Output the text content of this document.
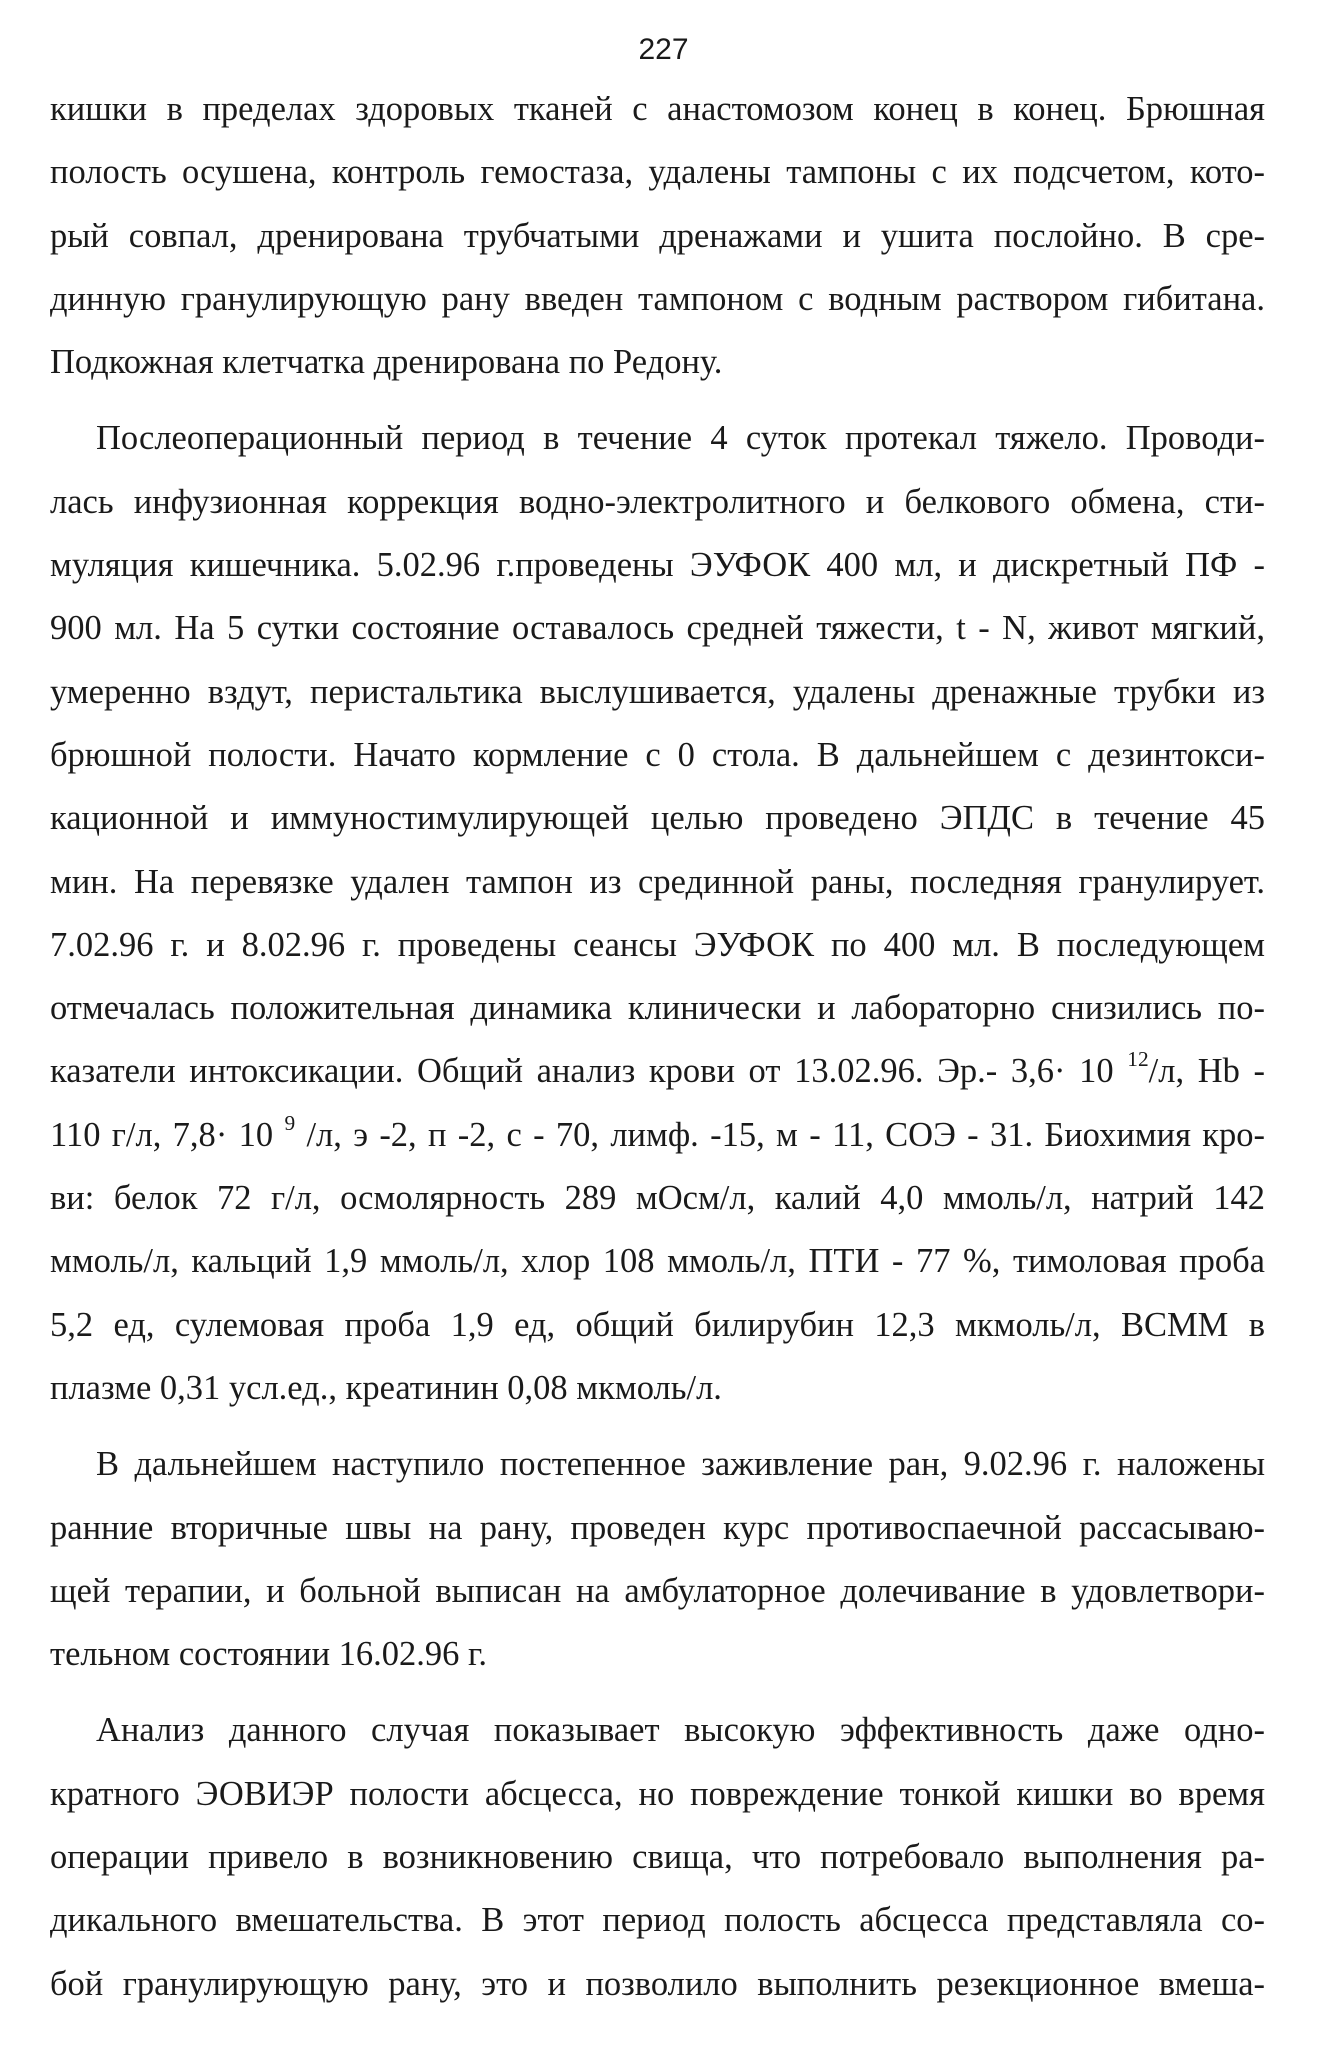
227

кишки в пределах здоровых тканей с анастомозом конец в конец. Брюшная

полость осушена, контроль гемостаза, удалены тампоны с их подсчетом, кото-

рый совпал, дренирована трубчатыми дренажами и ушита послойно. В сре-

динную гранулирующую рану введен тампоном с водным раствором гибитана.

Подкожная клетчатка дренирована по Редону.

Послеоперационный период в течение 4 суток протекал тяжело. Проводи-

лась инфузионная коррекция водно-электролитного и белкового обмена, сти-

муляция кишечника. 5.02.96 г.проведены ЭУФОК 400 мл, и дискретный ПФ -

900 мл. На 5 сутки состояние оставалось средней тяжести, t - N, живот мягкий,

умеренно вздут, перистальтика выслушивается, удалены дренажные трубки из

брюшной полости. Начато кормление с 0 стола. В дальнейшем с дезинтокси-

кационной и иммуностимулирующей целью проведено ЭПДС в течение 45

мин. На перевязке удален тампон из срединной раны, последняя гранулирует.

7.02.96 г. и 8.02.96 г. проведены сеансы ЭУФОК по 400 мл. В последующем

отмечалась положительная динамика клинически и лабораторно снизились по-

казатели интоксикации. Общий анализ крови от 13.02.96. Эр.- 3,6· 10 $^{12}$/л, Hb -

110 г/л, 7,8· 10 $^9$ /л, э -2, п -2, с - 70, лимф. -15, м - 11, СОЭ - 31. Биохимия кро-

ви: белок 72 г/л, осмолярность 289 мОсм/л, калий 4,0 ммоль/л, натрий 142

ммоль/л, кальций 1,9 ммоль/л, хлор 108 ммоль/л, ПТИ - 77 %, тимоловая проба

5,2 ед, сулемовая проба 1,9 ед, общий билирубин 12,3 мкмоль/л, ВСММ в

плазме 0,31 усл.ед., креатинин 0,08 мкмоль/л.

В дальнейшем наступило постепенное заживление ран, 9.02.96 г. наложены

ранние вторичные швы на рану, проведен курс противоспаечной рассасываю-

щей терапии, и больной выписан на амбулаторное долечивание в удовлетвори-

тельном состоянии 16.02.96 г.

Анализ данного случая показывает высокую эффективность даже одно-

кратного ЭОВИЭР полости абсцесса, но повреждение тонкой кишки во время

операции привело в возникновению свища, что потребовало выполнения ра-

дикального вмешательства. В этот период полость абсцесса представляла со-

бой гранулирующую рану, это и позволило выполнить резекционное вмеша-
